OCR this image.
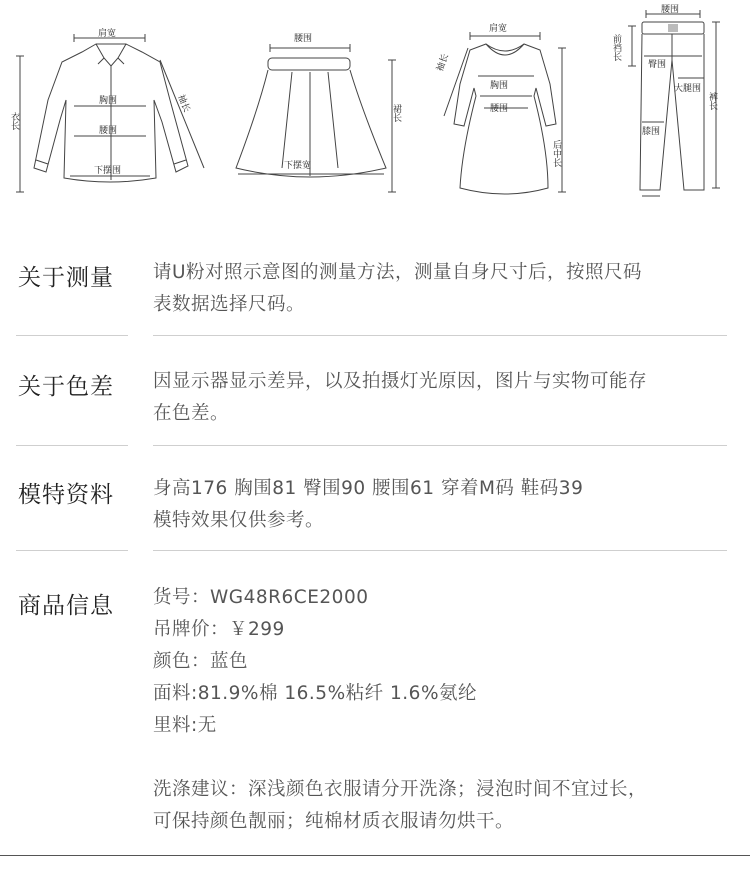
肩宽
衣长
袖长
胸围
腰围
下摆围
腰围
裙长
下摆宽
肩宽
袖长
胸围
腰围
后中长
腰围
前裆长
臀围
大腿围
裤长
膝围
关于测量 请U粉对照示意图的测量方法，测量自身尺寸后，按照尺码

表数据选择尺码。

关于色差 因显示器显示差异，以及拍摄灯光原因，图片与实物可能存

在色差。

模特资料 身高176 胸围81 臀围90 腰围61 穿着M码 鞋码39

模特效果仅供参考。

商品信息 货号：WG48R6CE2000

吊牌价：￥299

颜色：蓝色

面料:81.9%棉 16.5%粘纤 1.6%氨纶

里料:无

洗涤建议：深浅颜色衣服请分开洗涤；浸泡时间不宜过长，

可保持颜色靓丽；纯棉材质衣服请勿烘干。
